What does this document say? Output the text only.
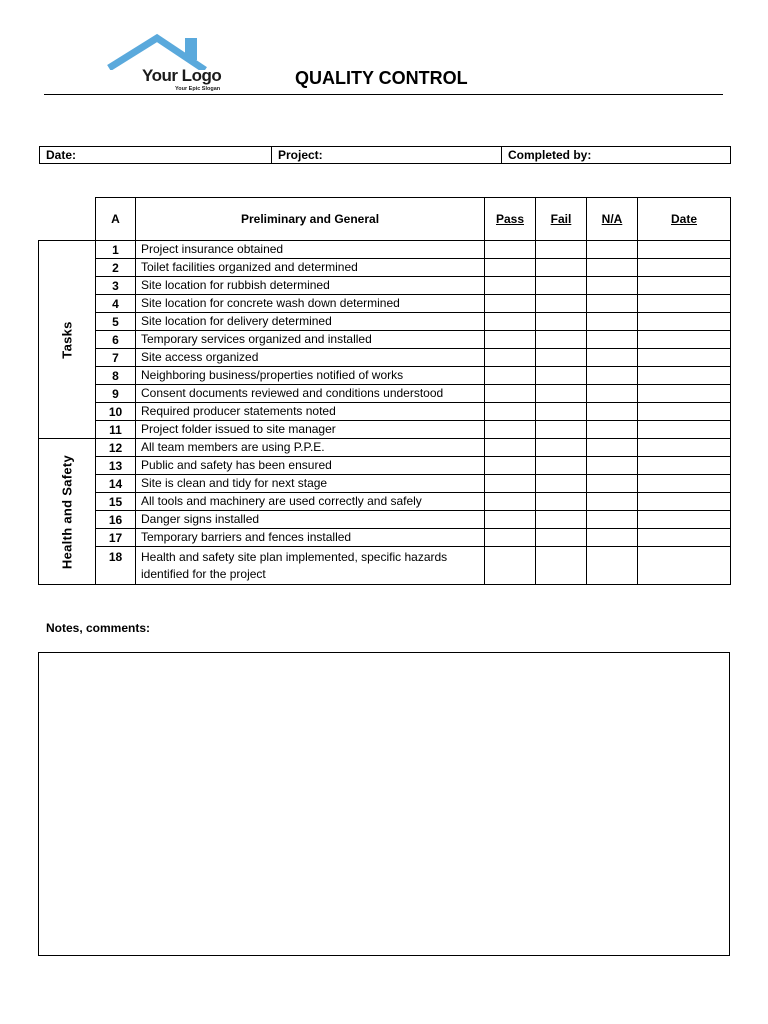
Your Logo
Your Epic Slogan
QUALITY CONTROL
Date:	Project:	Completed by:
	A	Preliminary and General	Pass	Fail	N/A	Date

Tasks	1	Project insurance obtained				
	2	Toilet facilities organized and determined				
	3	Site location for rubbish determined				
	4	Site location for concrete wash down determined				
	5	Site location for delivery determined				
	6	Temporary services organized and installed				
	7	Site access organized				
	8	Neighboring business/properties notified of works				
	9	Consent documents reviewed and conditions understood				
	10	Required producer statements noted				
	11	Project folder issued to site manager				

Health and Safety	12	All team members are using P.P.E.				
	13	Public and safety has been ensured				
	14	Site is clean and tidy for next stage				
	15	All tools and machinery are used correctly and safely				
	16	Danger signs installed				
	17	Temporary barriers and fences installed				
	18	Health and safety site plan implemented, specific hazards identified for the project				
Notes, comments:
